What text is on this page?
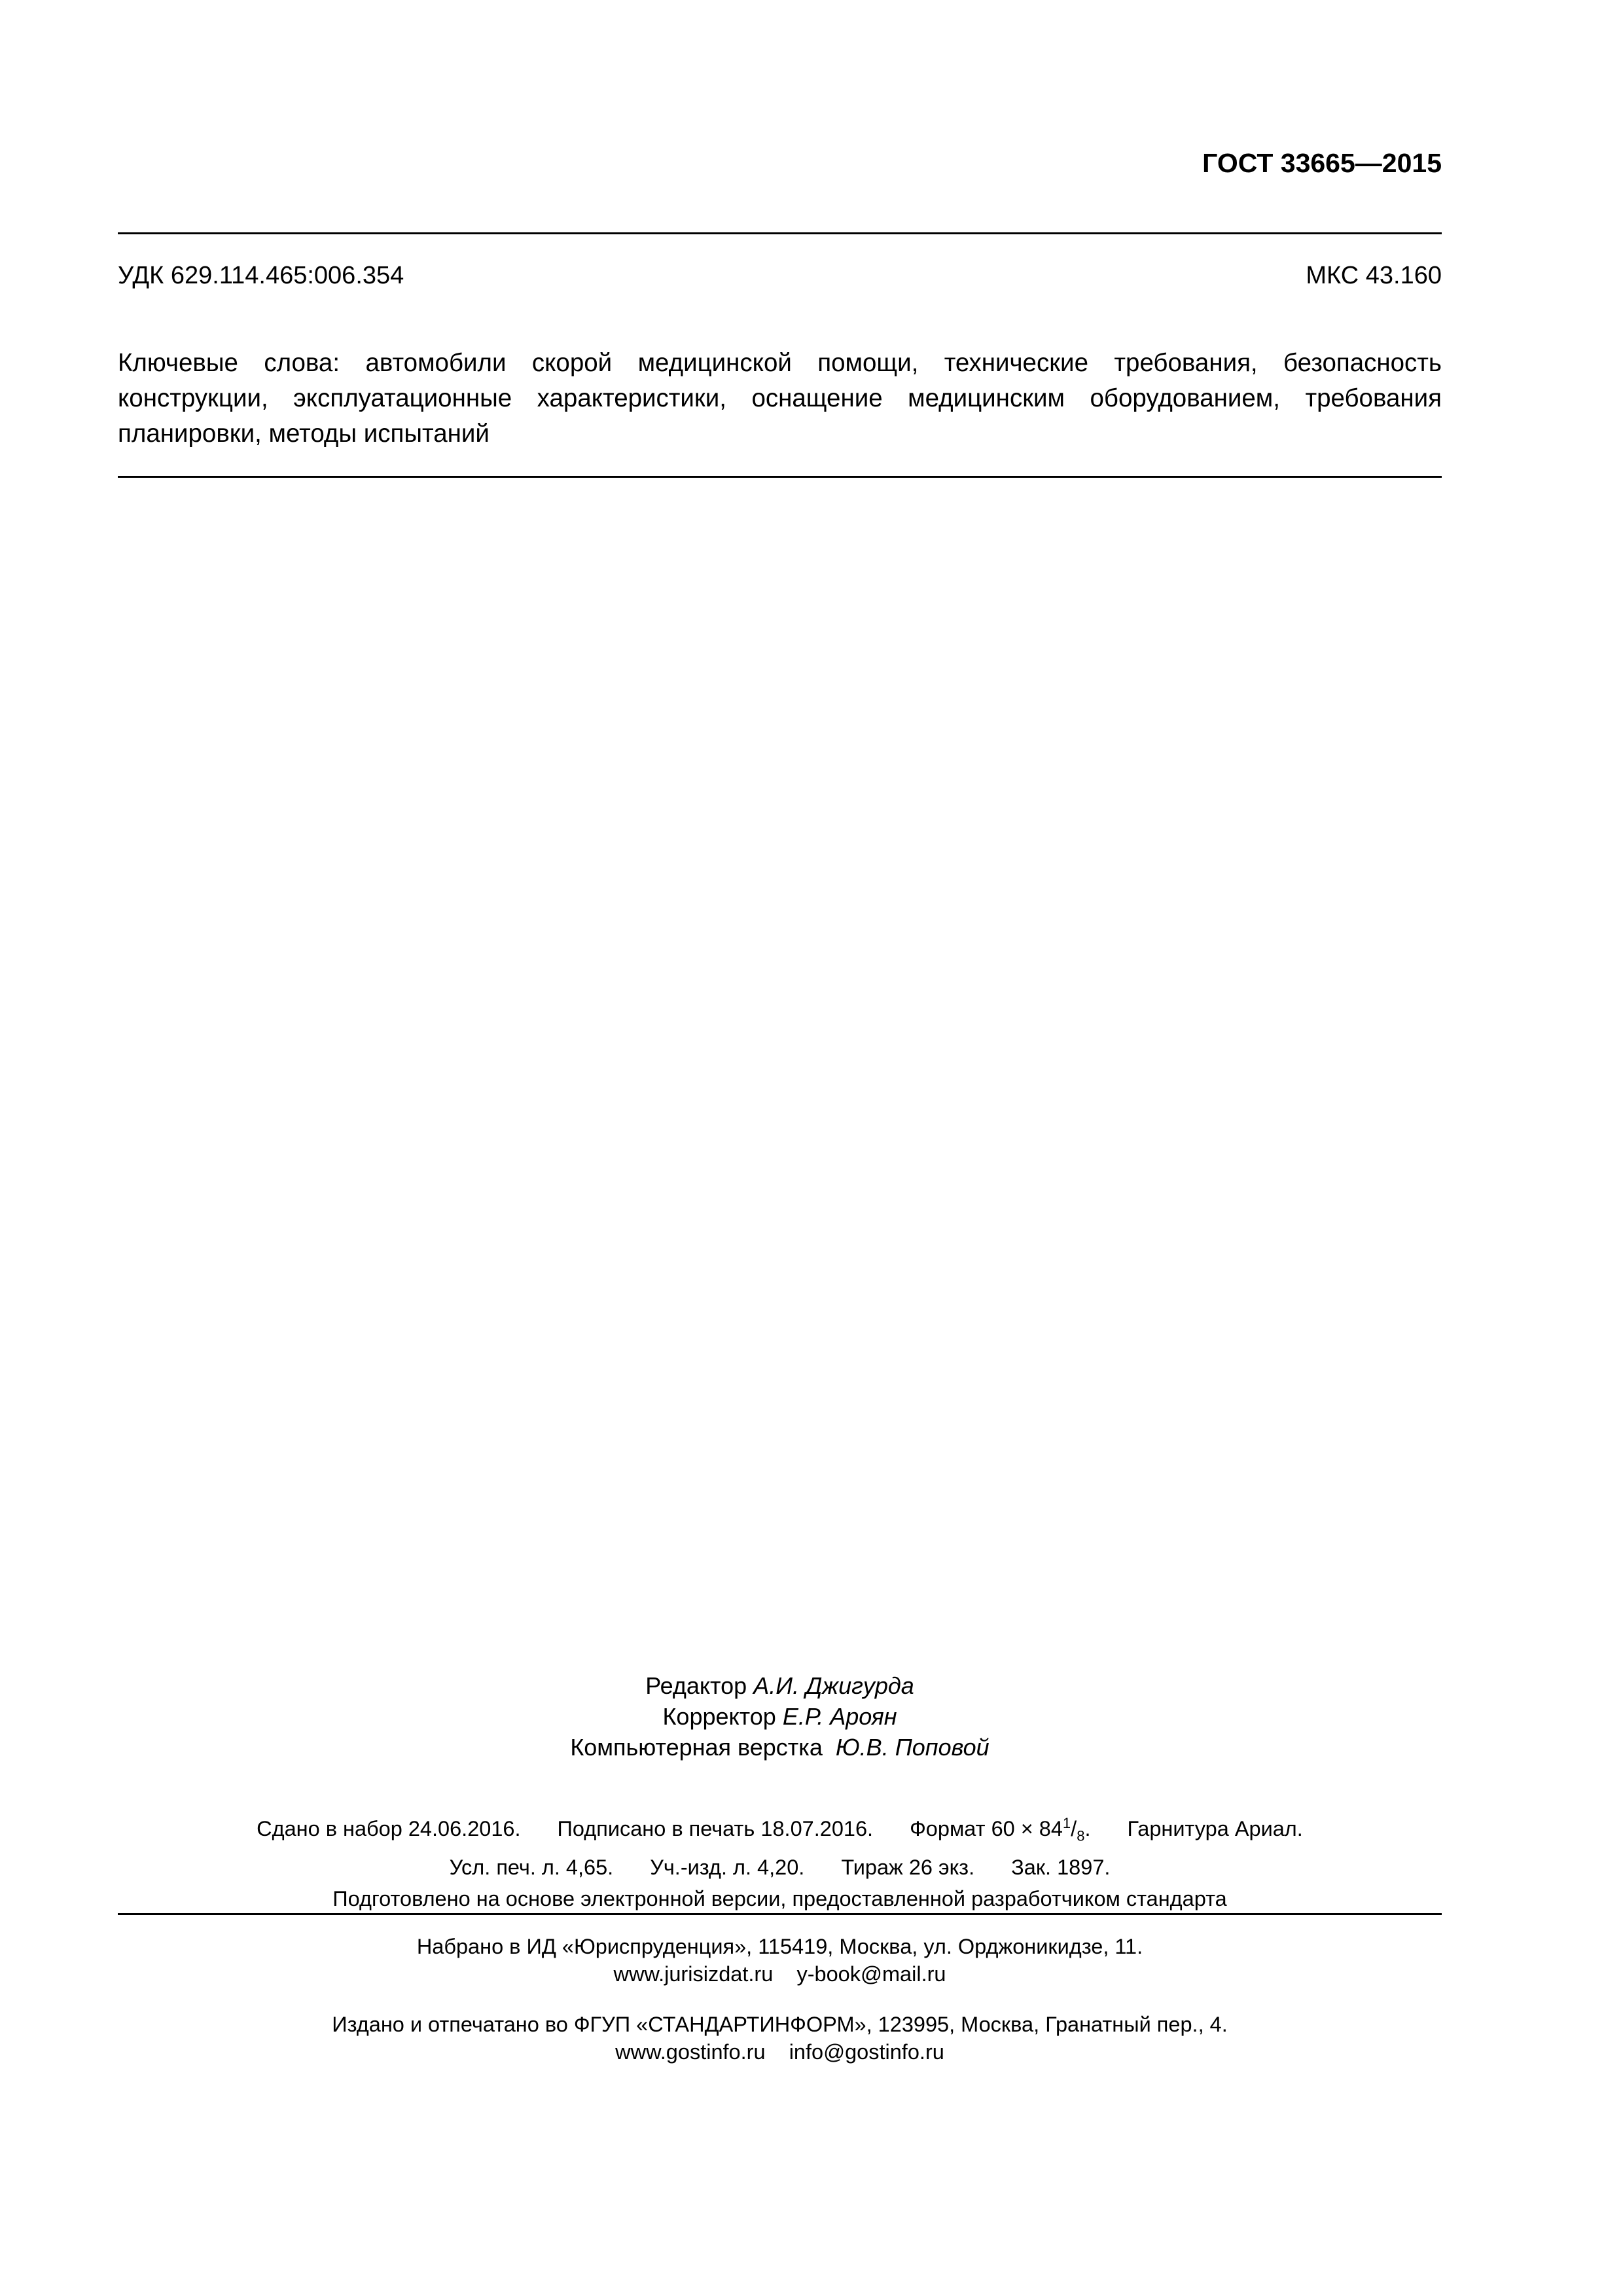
ГОСТ 33665—2015
УДК 629.114.465:006.354	МКС 43.160
Ключевые слова: автомобили скорой медицинской помощи, технические требования, безопасность конструкции, эксплуатационные характеристики, оснащение медицинским оборудованием, требования планировки, методы испытаний
Редактор А.И. Джигурда
Корректор Е.Р. Ароян
Компьютерная верстка Ю.В. Поповой
Сдано в набор 24.06.2016. Подписано в печать 18.07.2016. Формат $60 \times 84^1/_8$. Гарнитура Ариал.
Усл. печ. л. 4,65. Уч.-изд. л. 4,20. Тираж 26 экз. Зак. 1897.
Подготовлено на основе электронной версии, предоставленной разработчиком стандарта
Набрано в ИД «Юриспруденция», 115419, Москва, ул. Орджоникидзе, 11.
www.jurisizdat.ru y-book@mail.ru
Издано и отпечатано во ФГУП «СТАНДАРТИНФОРМ», 123995, Москва, Гранатный пер., 4.
www.gostinfo.ru info@gostinfo.ru
